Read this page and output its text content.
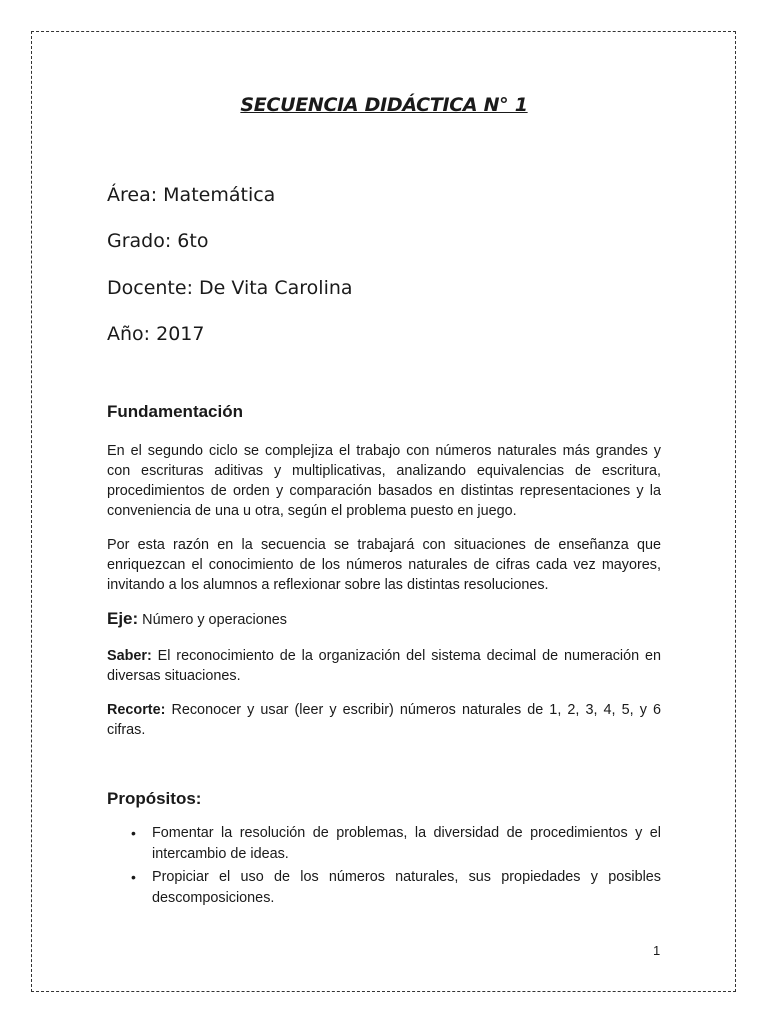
SECUENCIA DIDÁCTICA N° 1

Área: Matemática

Grado: 6to

Docente: De Vita Carolina

Año: 2017

Fundamentación

En el segundo ciclo se complejiza el trabajo con números naturales más grandes y con escrituras aditivas y multiplicativas, analizando equivalencias de escritura, procedimientos de orden y comparación basados en distintas representaciones y la conveniencia de una u otra, según el problema puesto en juego.

Por esta razón en la secuencia se trabajará con situaciones de enseñanza que enriquezcan el conocimiento de los números naturales de cifras cada vez mayores, invitando a los alumnos a reflexionar sobre las distintas resoluciones.

Eje: Número y operaciones

Saber: El reconocimiento de la organización del sistema decimal de numeración en diversas situaciones.

Recorte: Reconocer y usar (leer y escribir) números naturales de 1, 2, 3, 4, 5, y 6 cifras.

Propósitos:
• Fomentar la resolución de problemas, la diversidad de procedimientos y el intercambio de ideas.
• Propiciar el uso de los números naturales, sus propiedades y posibles descomposiciones.
1
